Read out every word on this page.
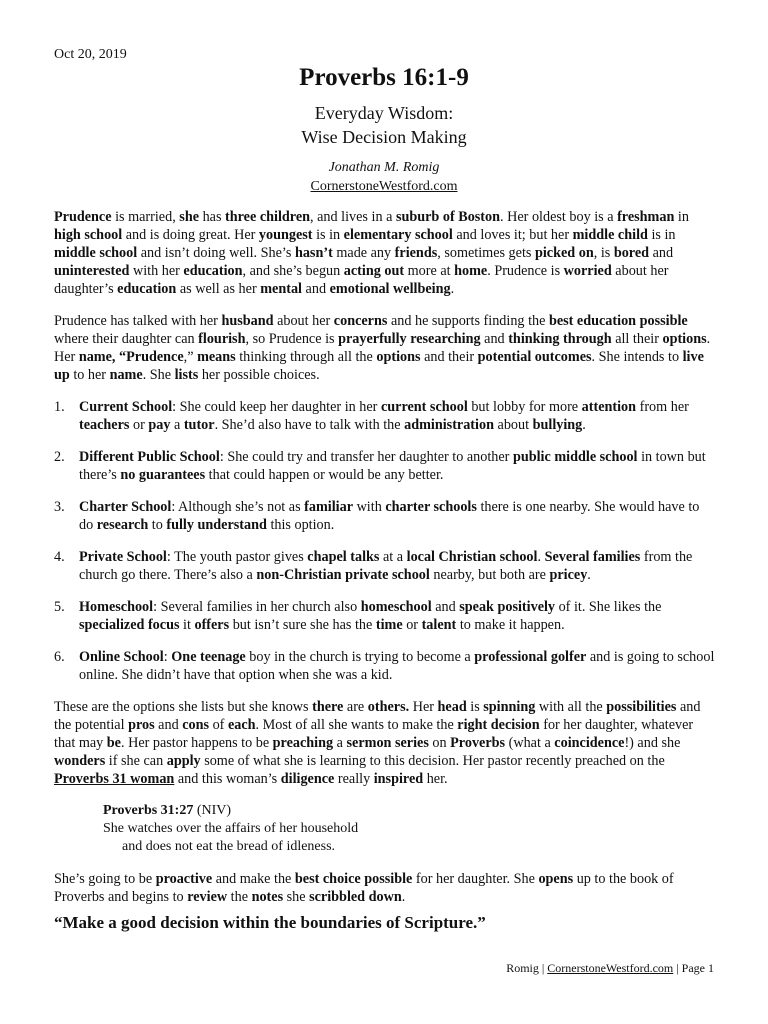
Oct 20, 2019
Proverbs 16:1-9
Everyday Wisdom:
Wise Decision Making
Jonathan M. Romig
CornerstoneWestford.com

Prudence is married, she has three children, and lives in a suburb of Boston. Her oldest boy is a freshman in high school and is doing great. Her youngest is in elementary school and loves it; but her middle child is in middle school and isn’t doing well. She’s hasn’t made any friends, sometimes gets picked on, is bored and uninterested with her education, and she’s begun acting out more at home. Prudence is worried about her daughter’s education as well as her mental and emotional wellbeing.

Prudence has talked with her husband about her concerns and he supports finding the best education possible where their daughter can flourish, so Prudence is prayerfully researching and thinking through all their options. Her name, “Prudence,” means thinking through all the options and their potential outcomes. She intends to live up to her name. She lists her possible choices.

1. Current School: She could keep her daughter in her current school but lobby for more attention from her teachers or pay a tutor. She’d also have to talk with the administration about bullying.
2. Different Public School: She could try and transfer her daughter to another public middle school in town but there’s no guarantees that could happen or would be any better.
3. Charter School: Although she’s not as familiar with charter schools there is one nearby. She would have to do research to fully understand this option.
4. Private School: The youth pastor gives chapel talks at a local Christian school. Several families from the church go there. There’s also a non-Christian private school nearby, but both are pricey.
5. Homeschool: Several families in her church also homeschool and speak positively of it. She likes the specialized focus it offers but isn’t sure she has the time or talent to make it happen.
6. Online School: One teenage boy in the church is trying to become a professional golfer and is going to school online. She didn’t have that option when she was a kid.

These are the options she lists but she knows there are others. Her head is spinning with all the possibilities and the potential pros and cons of each. Most of all she wants to make the right decision for her daughter, whatever that may be. Her pastor happens to be preaching a sermon series on Proverbs (what a coincidence!) and she wonders if she can apply some of what she is learning to this decision. Her pastor recently preached on the Proverbs 31 woman and this woman’s diligence really inspired her.

Proverbs 31:27 (NIV)
She watches over the affairs of her household
and does not eat the bread of idleness.

She’s going to be proactive and make the best choice possible for her daughter. She opens up to the book of Proverbs and begins to review the notes she scribbled down.

“Make a good decision within the boundaries of Scripture.”
Romig | CornerstoneWestford.com | Page 1
